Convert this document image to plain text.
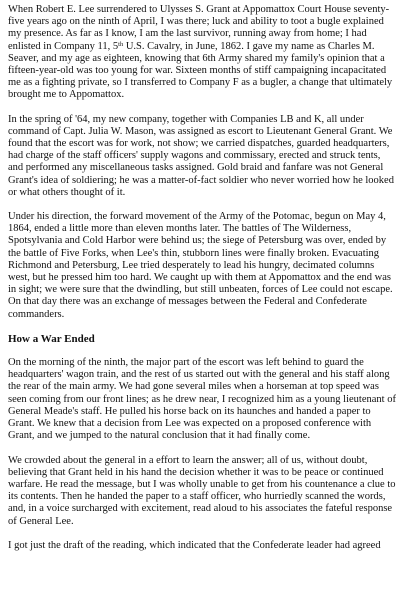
When Robert E. Lee surrendered to Ulysses S. Grant at Appomattox Court House seventy-five years ago on the ninth of April, I was there; luck and ability to toot a bugle explained my presence. As far as I know, I am the last survivor, running away from home; I had enlisted in Company 11, 5th U.S. Cavalry, in June, 1862. I gave my name as Charles M. Seaver, and my age as eighteen, knowing that 6th Army shared my family's opinion that a fifteen-year-old was too young for war. Sixteen months of stiff campaigning incapacitated me as a fighting private, so I transferred to Company F as a bugler, a change that ultimately brought me to Appomattox.

In the spring of '64, my new company, together with Companies LB and K, all under command of Capt. Julia W. Mason, was assigned as escort to Lieutenant General Grant. We found that the escort was for work, not show; we carried dispatches, guarded headquarters, had charge of the staff officers' supply wagons and commissary, erected and struck tents, and performed any miscellaneous tasks assigned. Gold braid and fanfare was not General Grant's idea of soldiering; he was a matter-of-fact soldier who never worried how he looked or what others thought of it.

Under his direction, the forward movement of the Army of the Potomac, begun on May 4, 1864, ended a little more than eleven months later. The battles of The Wilderness, Spotsylvania and Cold Harbor were behind us; the siege of Petersburg was over, ended by the battle of Five Forks, when Lee's thin, stubborn lines were finally broken. Evacuating Richmond and Petersburg, Lee tried desperately to lead his hungry, decimated columns west, but he pressed him too hard. We caught up with them at Appomattox and the end was in sight; we were sure that the dwindling, but still unbeaten, forces of Lee could not escape. On that day there was an exchange of messages between the Federal and Confederate commanders.

How a War Ended

On the morning of the ninth, the major part of the escort was left behind to guard the headquarters' wagon train, and the rest of us started out with the general and his staff along the rear of the main army. We had gone several miles when a horseman at top speed was seen coming from our front lines; as he drew near, I recognized him as a young lieutenant of General Meade's staff. He pulled his horse back on its haunches and handed a paper to Grant. We knew that a decision from Lee was expected on a proposed conference with Grant, and we jumped to the natural conclusion that it had finally come.

We crowded about the general in a effort to learn the answer; all of us, without doubt, believing that Grant held in his hand the decision whether it was to be peace or continued warfare. He read the message, but I was wholly unable to get from his countenance a clue to its contents. Then he handed the paper to a staff officer, who hurriedly scanned the words, and, in a voice surcharged with excitement, read aloud to his associates the fateful response of General Lee.

I got just the draft of the reading, which indicated that the Confederate leader had agreed
